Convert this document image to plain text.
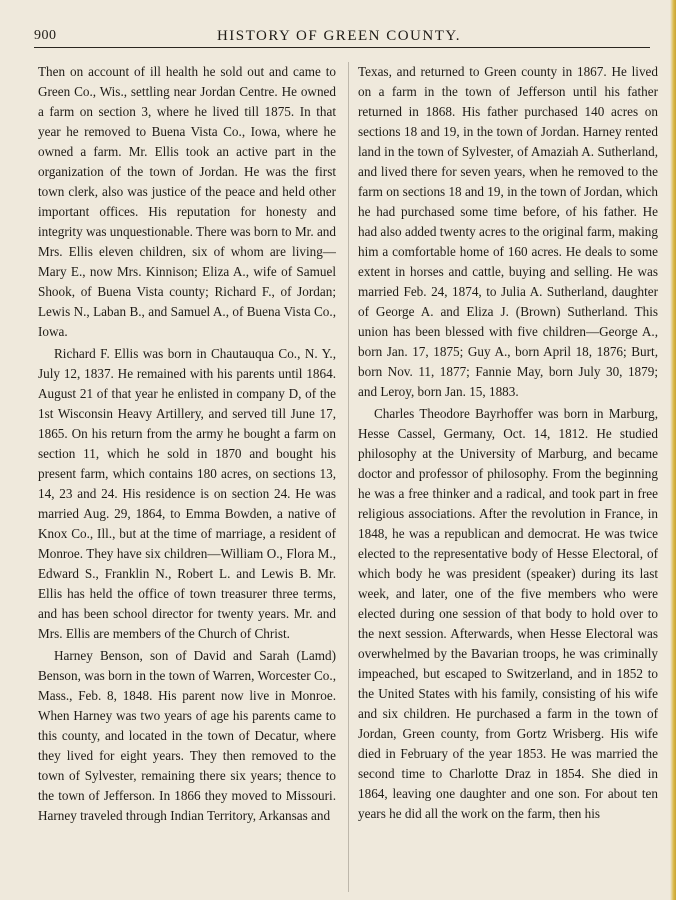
900	HISTORY OF GREEN COUNTY.

Then on account of ill health he sold out and came to Green Co., Wis., settling near Jordan Centre. He owned a farm on section 3, where he lived till 1875. In that year he removed to Buena Vista Co., Iowa, where he owned a farm. Mr. Ellis took an active part in the organization of the town of Jordan. He was the first town clerk, also was justice of the peace and held other important offices. His reputation for honesty and integrity was unquestionable. There was born to Mr. and Mrs. Ellis eleven children, six of whom are living—Mary E., now Mrs. Kinnison; Eliza A., wife of Samuel Shook, of Buena Vista county; Richard F., of Jordan; Lewis N., Laban B., and Samuel A., of Buena Vista Co., Iowa.

Richard F. Ellis was born in Chautauqua Co., N. Y., July 12, 1837. He remained with his parents until 1864. August 21 of that year he enlisted in company D, of the 1st Wisconsin Heavy Artillery, and served till June 17, 1865. On his return from the army he bought a farm on section 11, which he sold in 1870 and bought his present farm, which contains 180 acres, on sections 13, 14, 23 and 24. His residence is on section 24. He was married Aug. 29, 1864, to Emma Bowden, a native of Knox Co., Ill., but at the time of marriage, a resident of Monroe. They have six children—William O., Flora M., Edward S., Franklin N., Robert L. and Lewis B. Mr. Ellis has held the office of town treasurer three terms, and has been school director for twenty years. Mr. and Mrs. Ellis are members of the Church of Christ.

Harney Benson, son of David and Sarah (Lamd) Benson, was born in the town of Warren, Worcester Co., Mass., Feb. 8, 1848. His parent now live in Monroe. When Harney was two years of age his parents came to this county, and located in the town of Decatur, where they lived for eight years. They then removed to the town of Sylvester, remaining there six years; thence to the town of Jefferson. In 1866 they moved to Missouri. Harney traveled through Indian Territory, Arkansas and

Texas, and returned to Green county in 1867. He lived on a farm in the town of Jefferson until his father returned in 1868. His father purchased 140 acres on sections 18 and 19, in the town of Jordan. Harney rented land in the town of Sylvester, of Amaziah A. Sutherland, and lived there for seven years, when he removed to the farm on sections 18 and 19, in the town of Jordan, which he had purchased some time before, of his father. He had also added twenty acres to the original farm, making him a comfortable home of 160 acres. He deals to some extent in horses and cattle, buying and selling. He was married Feb. 24, 1874, to Julia A. Sutherland, daughter of George A. and Eliza J. (Brown) Sutherland. This union has been blessed with five children—George A., born Jan. 17, 1875; Guy A., born April 18, 1876; Burt, born Nov. 11, 1877; Fannie May, born July 30, 1879; and Leroy, born Jan. 15, 1883.

Charles Theodore Bayrhoffer was born in Marburg, Hesse Cassel, Germany, Oct. 14, 1812. He studied philosophy at the University of Marburg, and became doctor and professor of philosophy. From the beginning he was a free thinker and a radical, and took part in free religious associations. After the revolution in France, in 1848, he was a republican and democrat. He was twice elected to the representative body of Hesse Electoral, of which body he was president (speaker) during its last week, and later, one of the five members who were elected during one session of that body to hold over to the next session. Afterwards, when Hesse Electoral was overwhelmed by the Bavarian troops, he was criminally impeached, but escaped to Switzerland, and in 1852 to the United States with his family, consisting of his wife and six children. He purchased a farm in the town of Jordan, Green county, from Gortz Wrisberg. His wife died in February of the year 1853. He was married the second time to Charlotte Draz in 1854. She died in 1864, leaving one daughter and one son. For about ten years he did all the work on the farm, then his
